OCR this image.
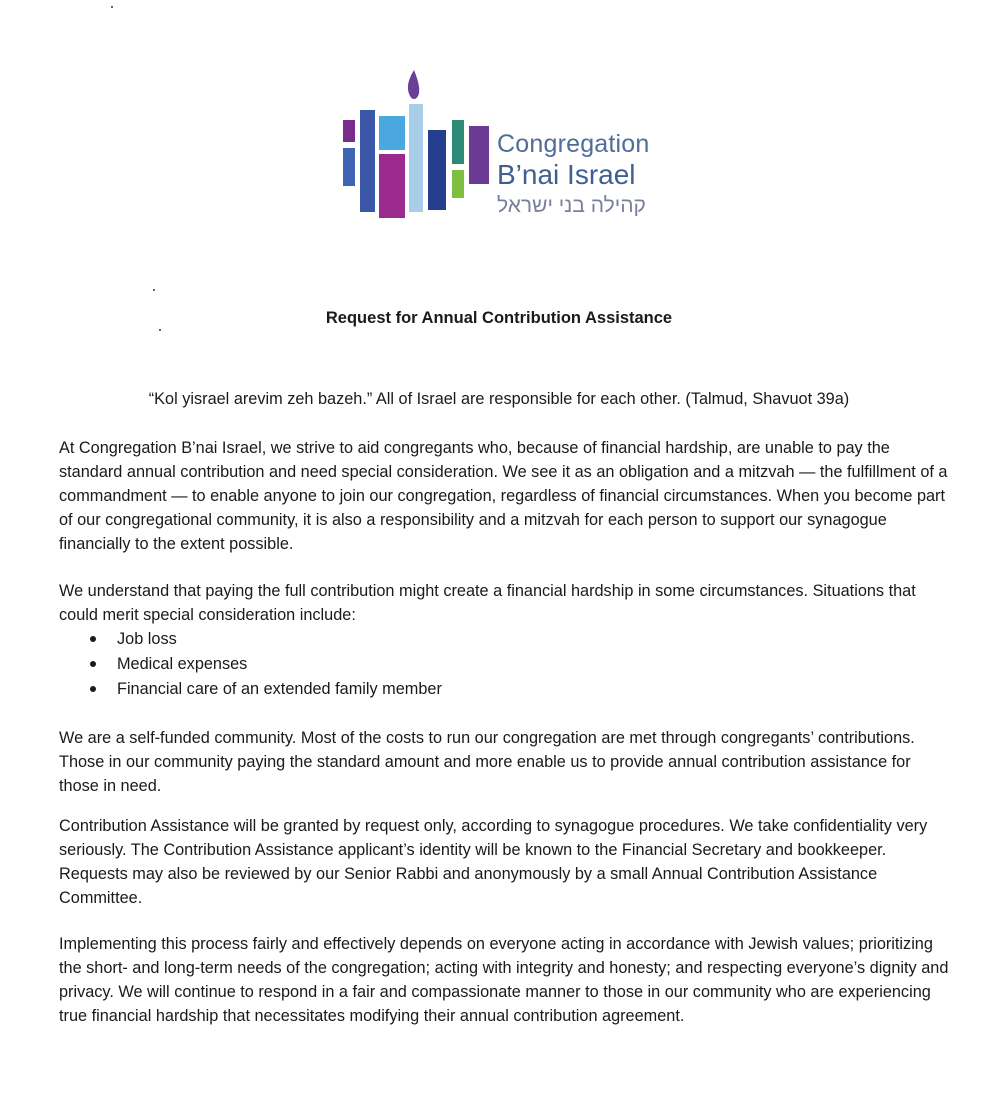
Congregation
B’nai Israel
קהילה בני ישראל
Request for Annual Contribution Assistance

“Kol yisrael arevim zeh bazeh.” All of Israel are responsible for each other. (Talmud, Shavuot 39a)

At Congregation B’nai Israel, we strive to aid congregants who, because of financial hardship, are unable to pay the standard annual contribution and need special consideration. We see it as an obligation and a mitzvah — the fulfillment of a commandment — to enable anyone to join our congregation, regardless of financial circumstances. When you become part of our congregational community, it is also a responsibility and a mitzvah for each person to support our synagogue financially to the extent possible.

We understand that paying the full contribution might create a financial hardship in some circumstances. Situations that could merit special consideration include:

Job loss
Medical expenses
Financial care of an extended family member

We are a self-funded community. Most of the costs to run our congregation are met through congregants’ contributions. Those in our community paying the standard amount and more enable us to provide annual contribution assistance for those in need.

Contribution Assistance will be granted by request only, according to synagogue procedures. We take confidentiality very seriously. The Contribution Assistance applicant’s identity will be known to the Financial Secretary and bookkeeper. Requests may also be reviewed by our Senior Rabbi and anonymously by a small Annual Contribution Assistance Committee.

Implementing this process fairly and effectively depends on everyone acting in accordance with Jewish values; prioritizing the short- and long-term needs of the congregation; acting with integrity and honesty; and respecting everyone’s dignity and privacy. We will continue to respond in a fair and compassionate manner to those in our community who are experiencing true financial hardship that necessitates modifying their annual contribution agreement.
